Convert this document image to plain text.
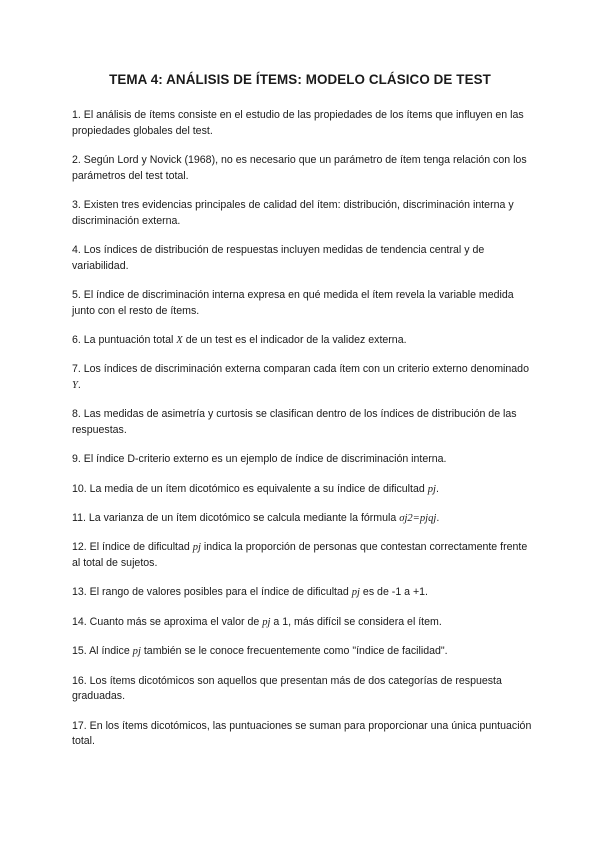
TEMA 4: ANÁLISIS DE ÍTEMS: MODELO CLÁSICO DE TEST
1. El análisis de ítems consiste en el estudio de las propiedades de los ítems que influyen en las propiedades globales del test.
2. Según Lord y Novick (1968), no es necesario que un parámetro de ítem tenga relación con los parámetros del test total.
3. Existen tres evidencias principales de calidad del ítem: distribución, discriminación interna y discriminación externa.
4. Los índices de distribución de respuestas incluyen medidas de tendencia central y de variabilidad.
5. El índice de discriminación interna expresa en qué medida el ítem revela la variable medida junto con el resto de ítems.
6. La puntuación total X de un test es el indicador de la validez externa.
7. Los índices de discriminación externa comparan cada ítem con un criterio externo denominado Y.
8. Las medidas de asimetría y curtosis se clasifican dentro de los índices de distribución de las respuestas.
9. El índice D-criterio externo es un ejemplo de índice de discriminación interna.
10. La media de un ítem dicotómico es equivalente a su índice de dificultad pj.
11. La varianza de un ítem dicotómico se calcula mediante la fórmula σj2=pjqj.
12. El índice de dificultad pj indica la proporción de personas que contestan correctamente frente al total de sujetos.
13. El rango de valores posibles para el índice de dificultad pj es de -1 a +1.
14. Cuanto más se aproxima el valor de pj a 1, más difícil se considera el ítem.
15. Al índice pj también se le conoce frecuentemente como "índice de facilidad".
16. Los ítems dicotómicos son aquellos que presentan más de dos categorías de respuesta graduadas.
17. En los ítems dicotómicos, las puntuaciones se suman para proporcionar una única puntuación total.
